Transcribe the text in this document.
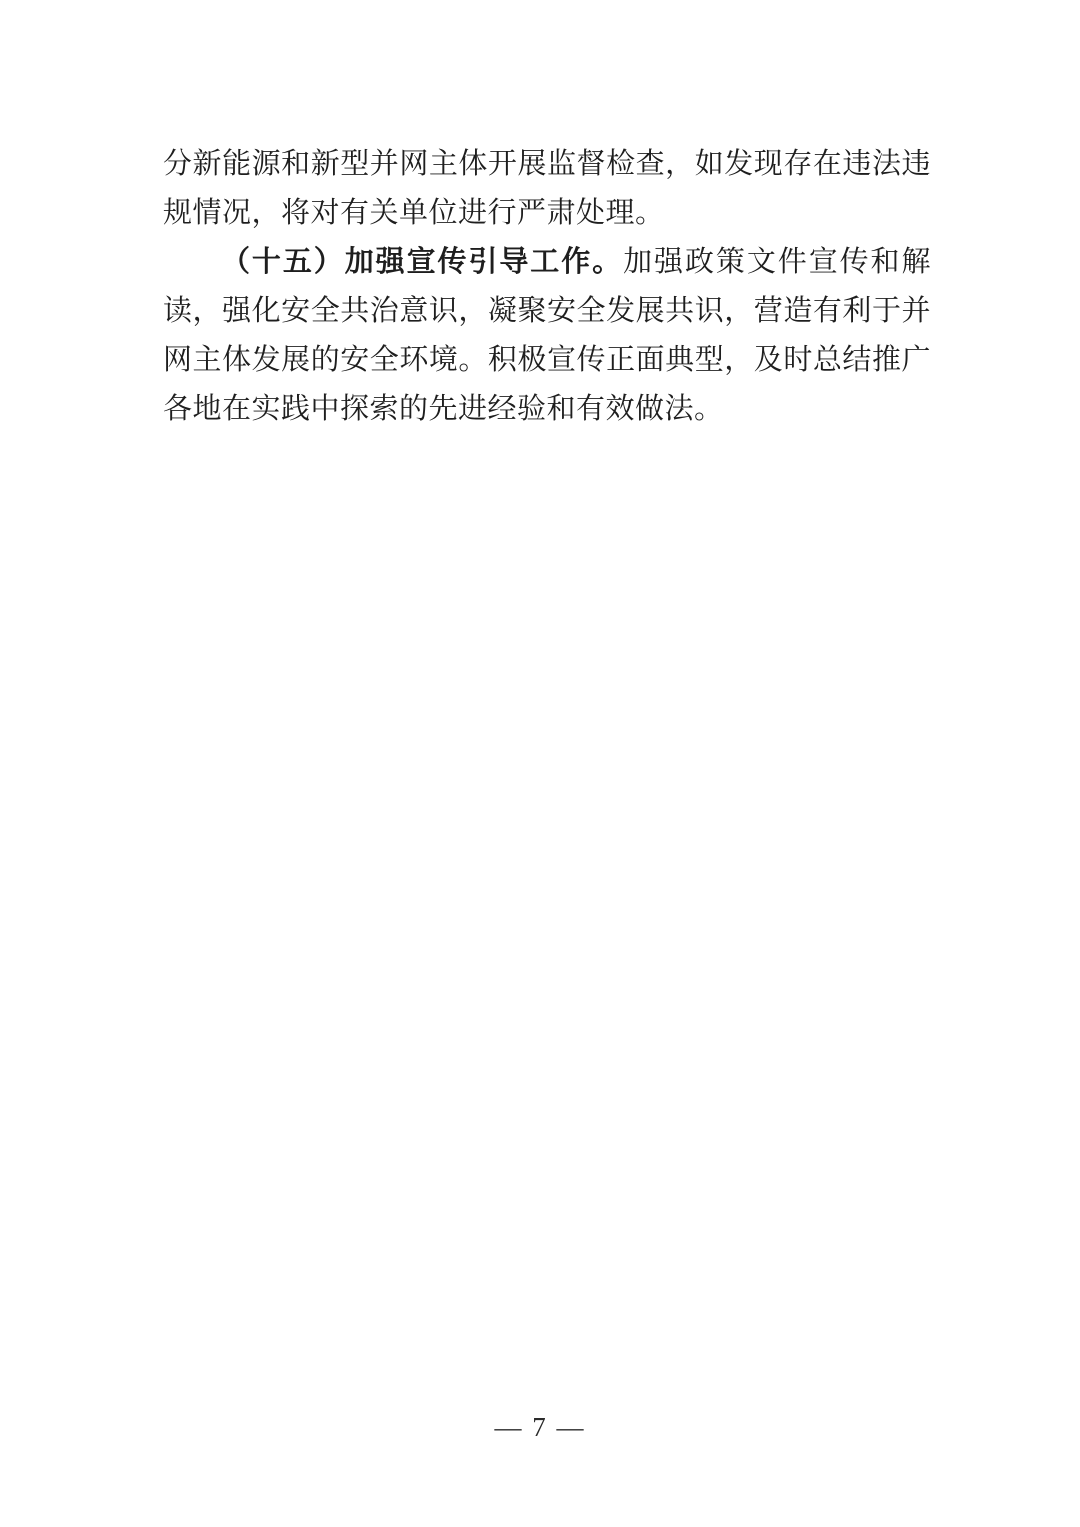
分新能源和新型并网主体开展监督检查，如发现存在违法违规情况，将对有关单位进行严肃处理。

（十五）加强宣传引导工作。加强政策文件宣传和解读，强化安全共治意识，凝聚安全发展共识，营造有利于并网主体发展的安全环境。积极宣传正面典型，及时总结推广各地在实践中探索的先进经验和有效做法。

— 7 —
